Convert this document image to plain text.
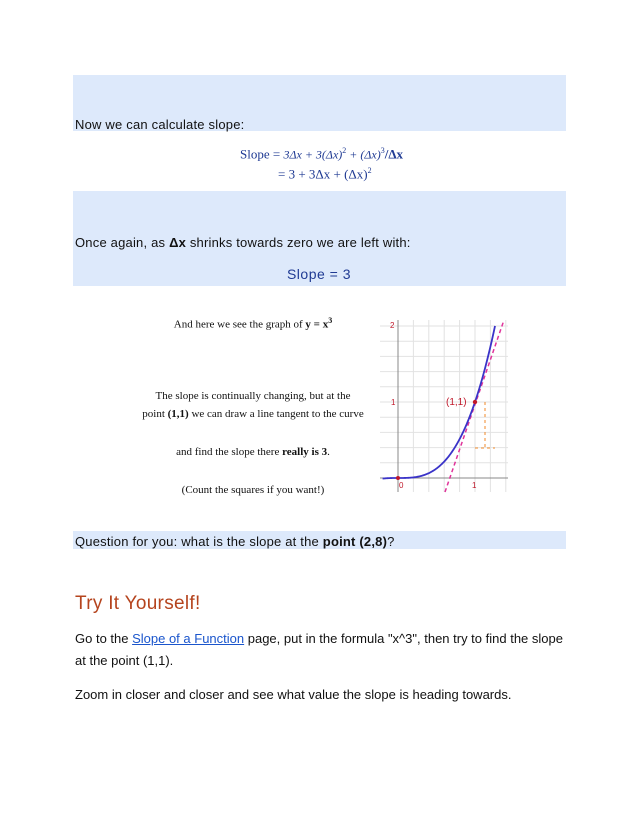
Now we can calculate slope:
Slope = $3\Delta x + 3(\Delta x)^2 + (\Delta x)^3/\Delta x$
= $3 + 3\Delta x + (\Delta x)^2$
Once again, as Δx shrinks towards zero we are left with:
Slope = 3
And here we see the graph of $y = x^3$
The slope is continually changing, but at the
point (1,1) we can draw a line tangent to the curve
and find the slope there really is 3.
(Count the squares if you want!)
(1,1)
2
1
0	1
Question for you: what is the slope at the point (2,8)?
Try It Yourself!
Go to the Slope of a Function page, put in the formula "x^3", then try to find the slope at the point (1,1).
Zoom in closer and closer and see what value the slope is heading towards.
